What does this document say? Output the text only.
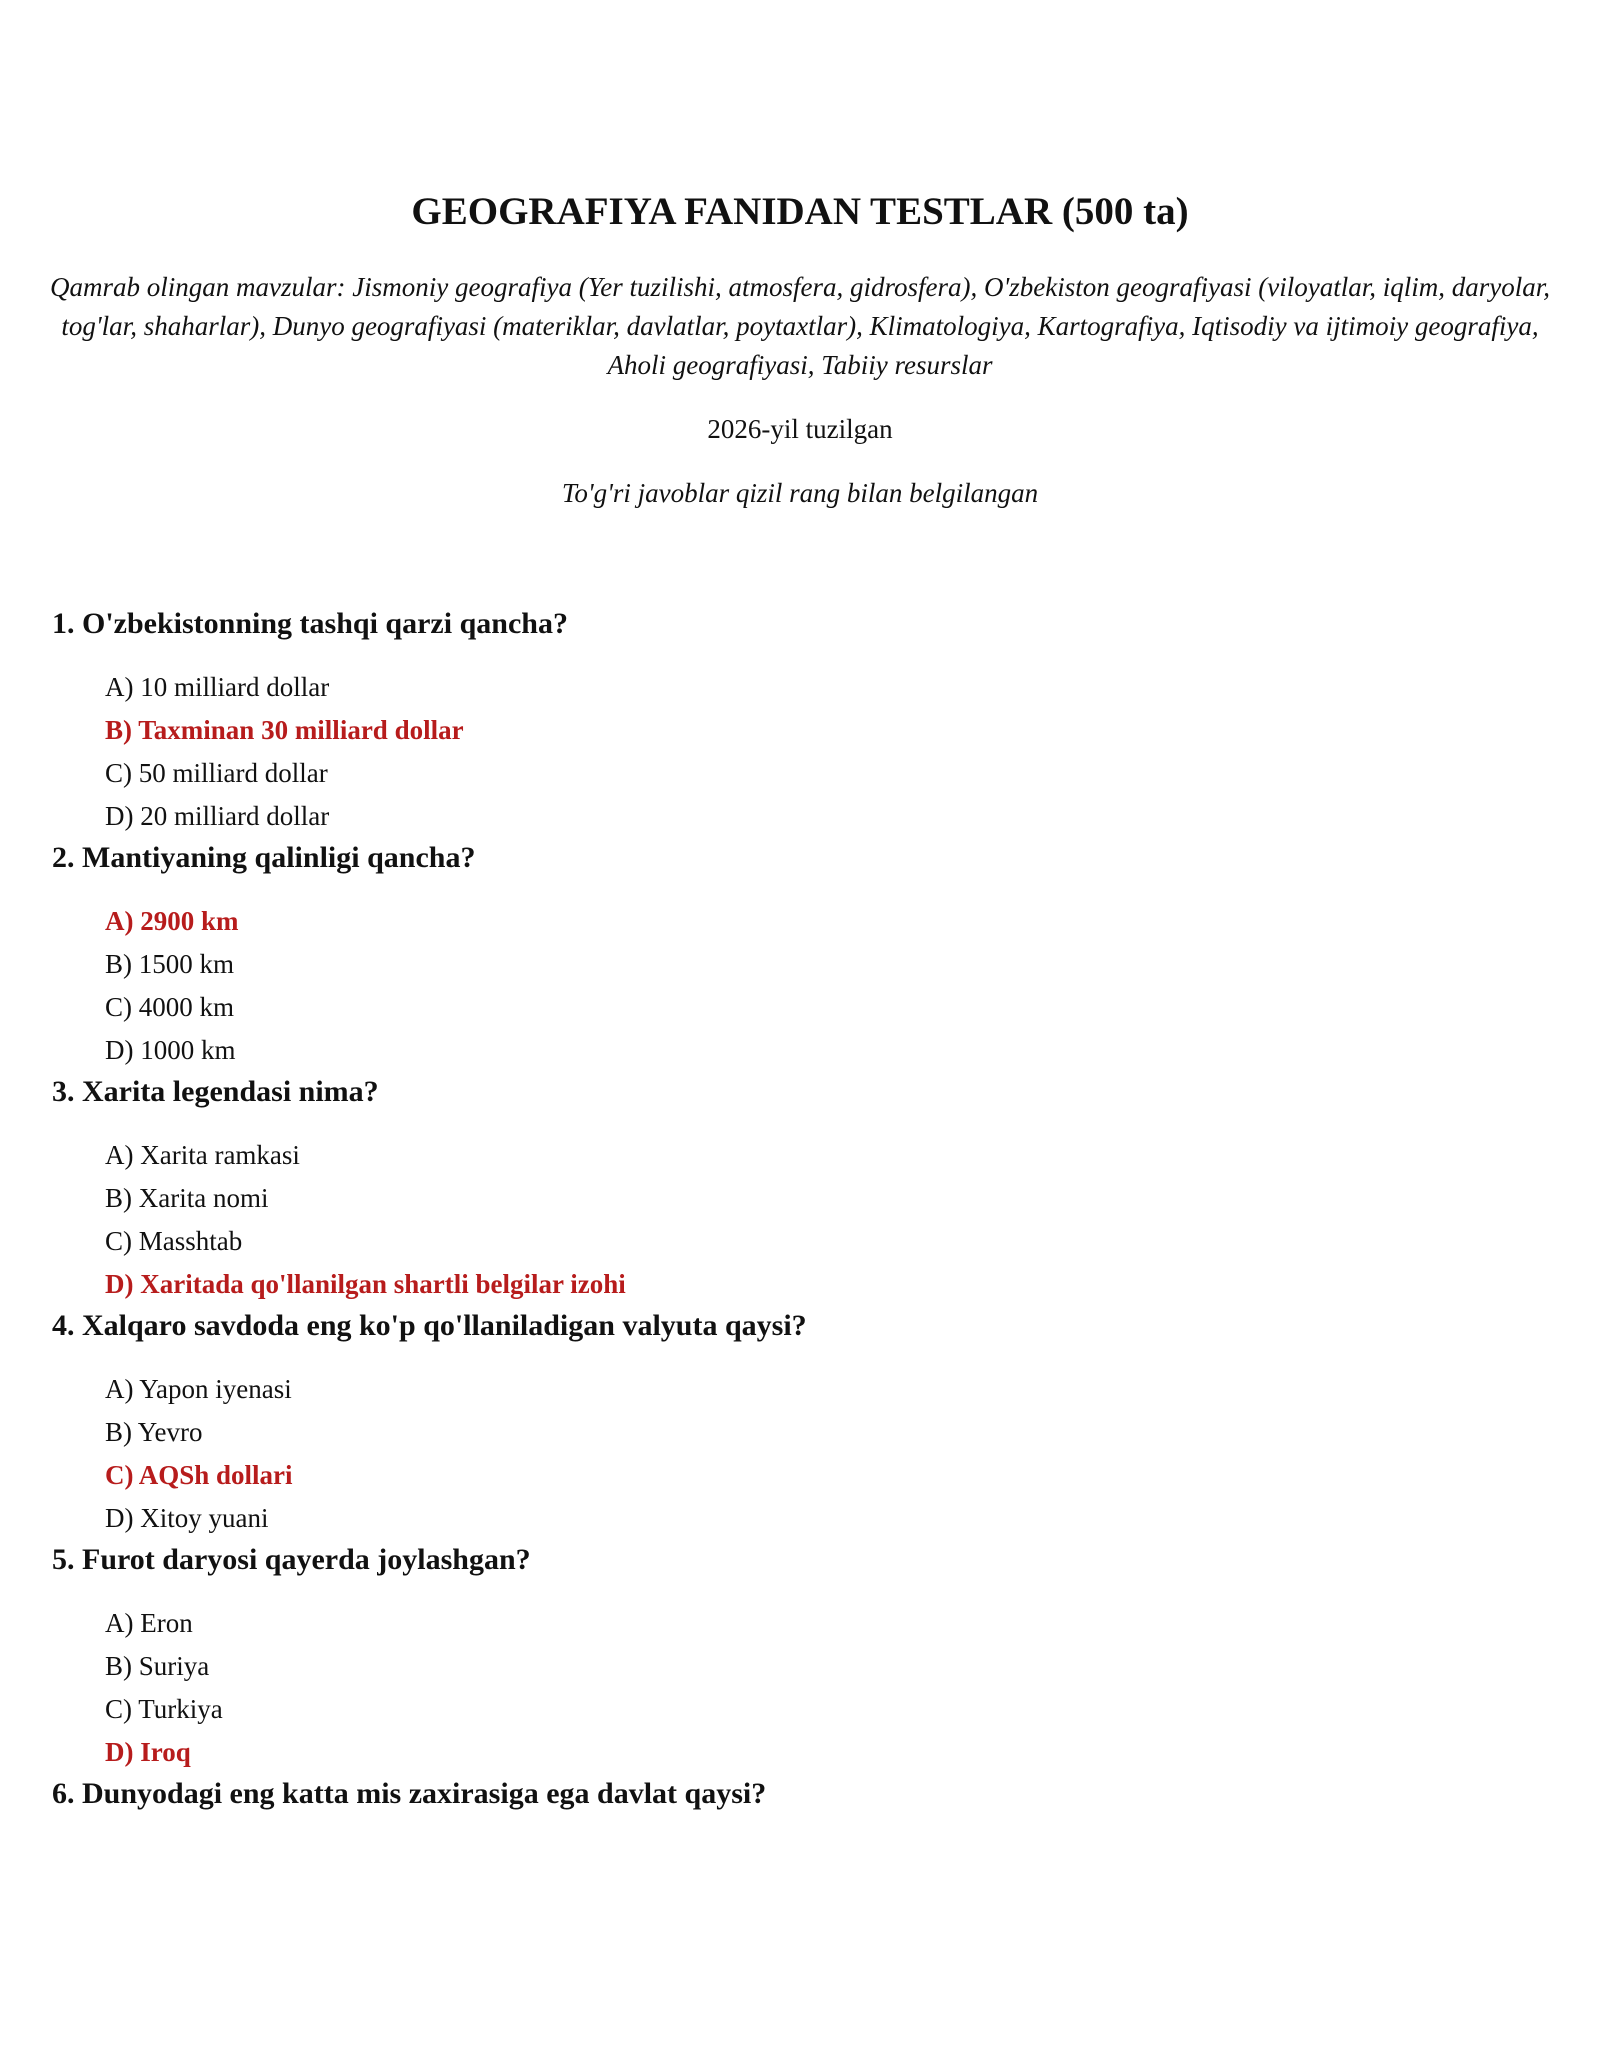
GEOGRAFIYA FANIDAN TESTLAR (500 ta)

Qamrab olingan mavzular: Jismoniy geografiya (Yer tuzilishi, atmosfera, gidrosfera), O'zbekiston geografiyasi (viloyatlar, iqlim, daryolar, tog'lar, shaharlar), Dunyo geografiyasi (materiklar, davlatlar, poytaxtlar), Klimatologiya, Kartografiya, Iqtisodiy va ijtimoiy geografiya, Aholi geografiyasi, Tabiiy resurslar

2026-yil tuzilgan
To'g'ri javoblar qizil rang bilan belgilangan
1. O'zbekistonning tashqi qarzi qancha?
A) 10 milliard dollar
B) Taxminan 30 milliard dollar
C) 50 milliard dollar
D) 20 milliard dollar
2. Mantiyaning qalinligi qancha?
A) 2900 km
B) 1500 km
C) 4000 km
D) 1000 km
3. Xarita legendasi nima?
A) Xarita ramkasi
B) Xarita nomi
C) Masshtab
D) Xaritada qo'llanilgan shartli belgilar izohi
4. Xalqaro savdoda eng ko'p qo'llaniladigan valyuta qaysi?
A) Yapon iyenasi
B) Yevro
C) AQSh dollari
D) Xitoy yuani
5. Furot daryosi qayerda joylashgan?
A) Eron
B) Suriya
C) Turkiya
D) Iroq
6. Dunyodagi eng katta mis zaxirasiga ega davlat qaysi?
